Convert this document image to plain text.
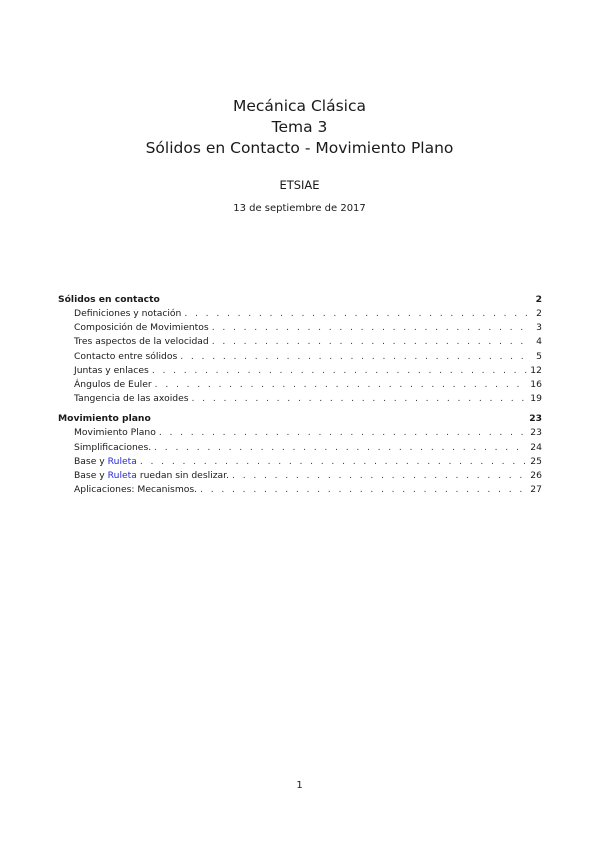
Mecánica Clásica

Tema 3

Sólidos en Contacto - Movimiento Plano

ETSIAE
13 de septiembre de 2017
Sólidos en contacto	2
Definiciones y notación . . .	2
Composición de Movimientos . . .	3
Tres aspectos de la velocidad . . .	4
Contacto entre sólidos . . .	5
Juntas y enlaces . . .	12
Ángulos de Euler . . .	16
Tangencia de las axoides . . .	19
Movimiento plano	23
Movimiento Plano . . .	23
Simplificaciones. . . .	24
Base y Ruleta . . .	25
Base y Ruleta ruedan sin deslizar. . . .	26
Aplicaciones: Mecanismos. . . .	27
1
